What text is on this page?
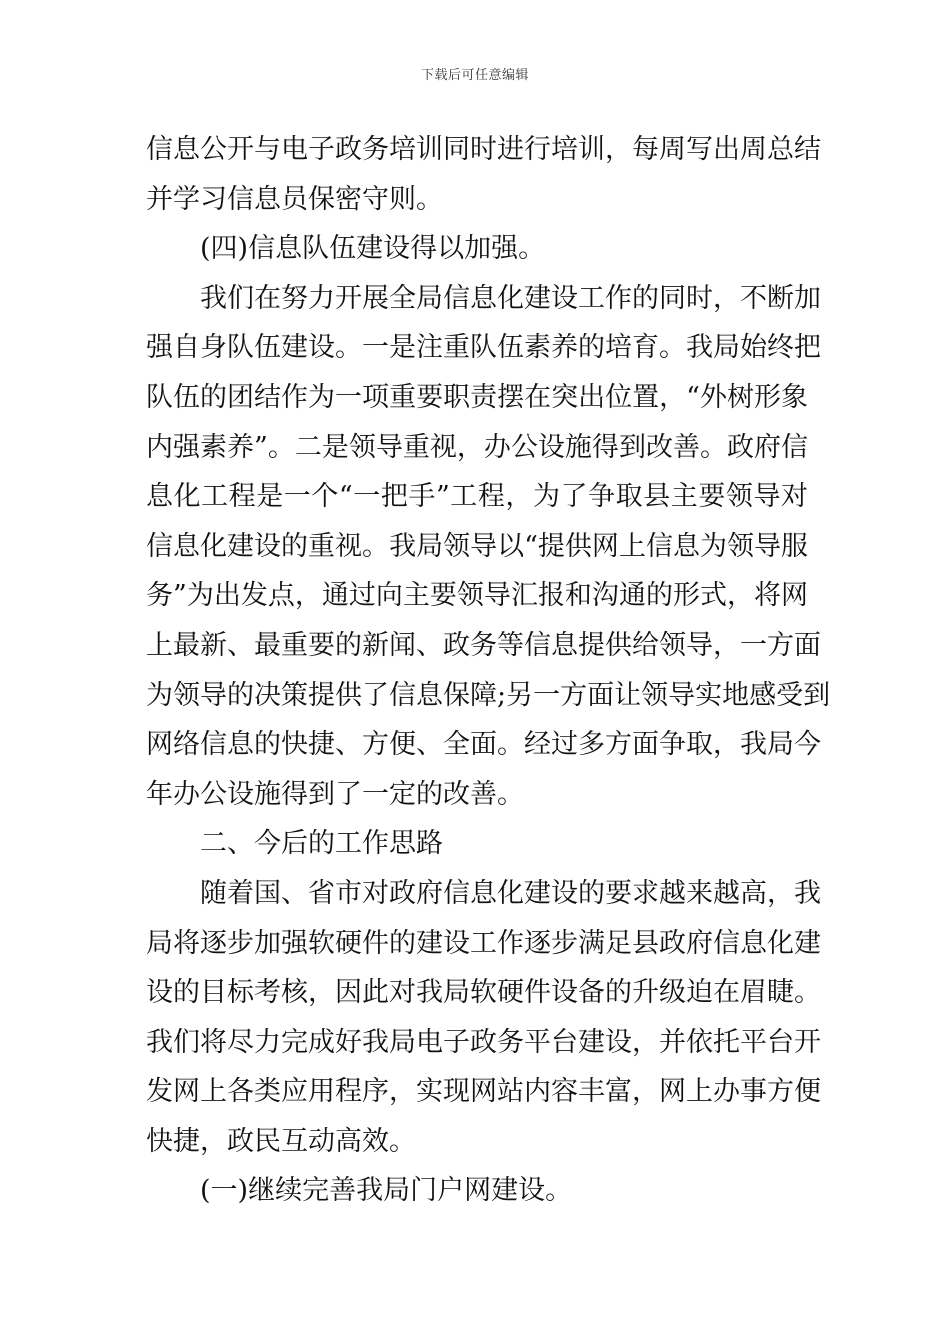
下载后可任意编辑
信息公开与电子政务培训同时进行培训，每周写出周总结
并学习信息员保密守则。
(四)信息队伍建设得以加强。
我们在努力开展全局信息化建设工作的同时，不断加
强自身队伍建设。一是注重队伍素养的培育。我局始终把
队伍的团结作为一项重要职责摆在突出位置，“外树形象
内强素养”。二是领导重视，办公设施得到改善。政府信
息化工程是一个“一把手”工程，为了争取县主要领导对
信息化建设的重视。我局领导以“提供网上信息为领导服
务”为出发点，通过向主要领导汇报和沟通的形式，将网
上最新、最重要的新闻、政务等信息提供给领导，一方面
为领导的决策提供了信息保障;另一方面让领导实地感受到
网络信息的快捷、方便、全面。经过多方面争取，我局今
年办公设施得到了一定的改善。
二、今后的工作思路
随着国、省市对政府信息化建设的要求越来越高，我
局将逐步加强软硬件的建设工作逐步满足县政府信息化建
设的目标考核，因此对我局软硬件设备的升级迫在眉睫。
我们将尽力完成好我局电子政务平台建设，并依托平台开
发网上各类应用程序，实现网站内容丰富，网上办事方便
快捷，政民互动高效。
(一)继续完善我局门户网建设。
